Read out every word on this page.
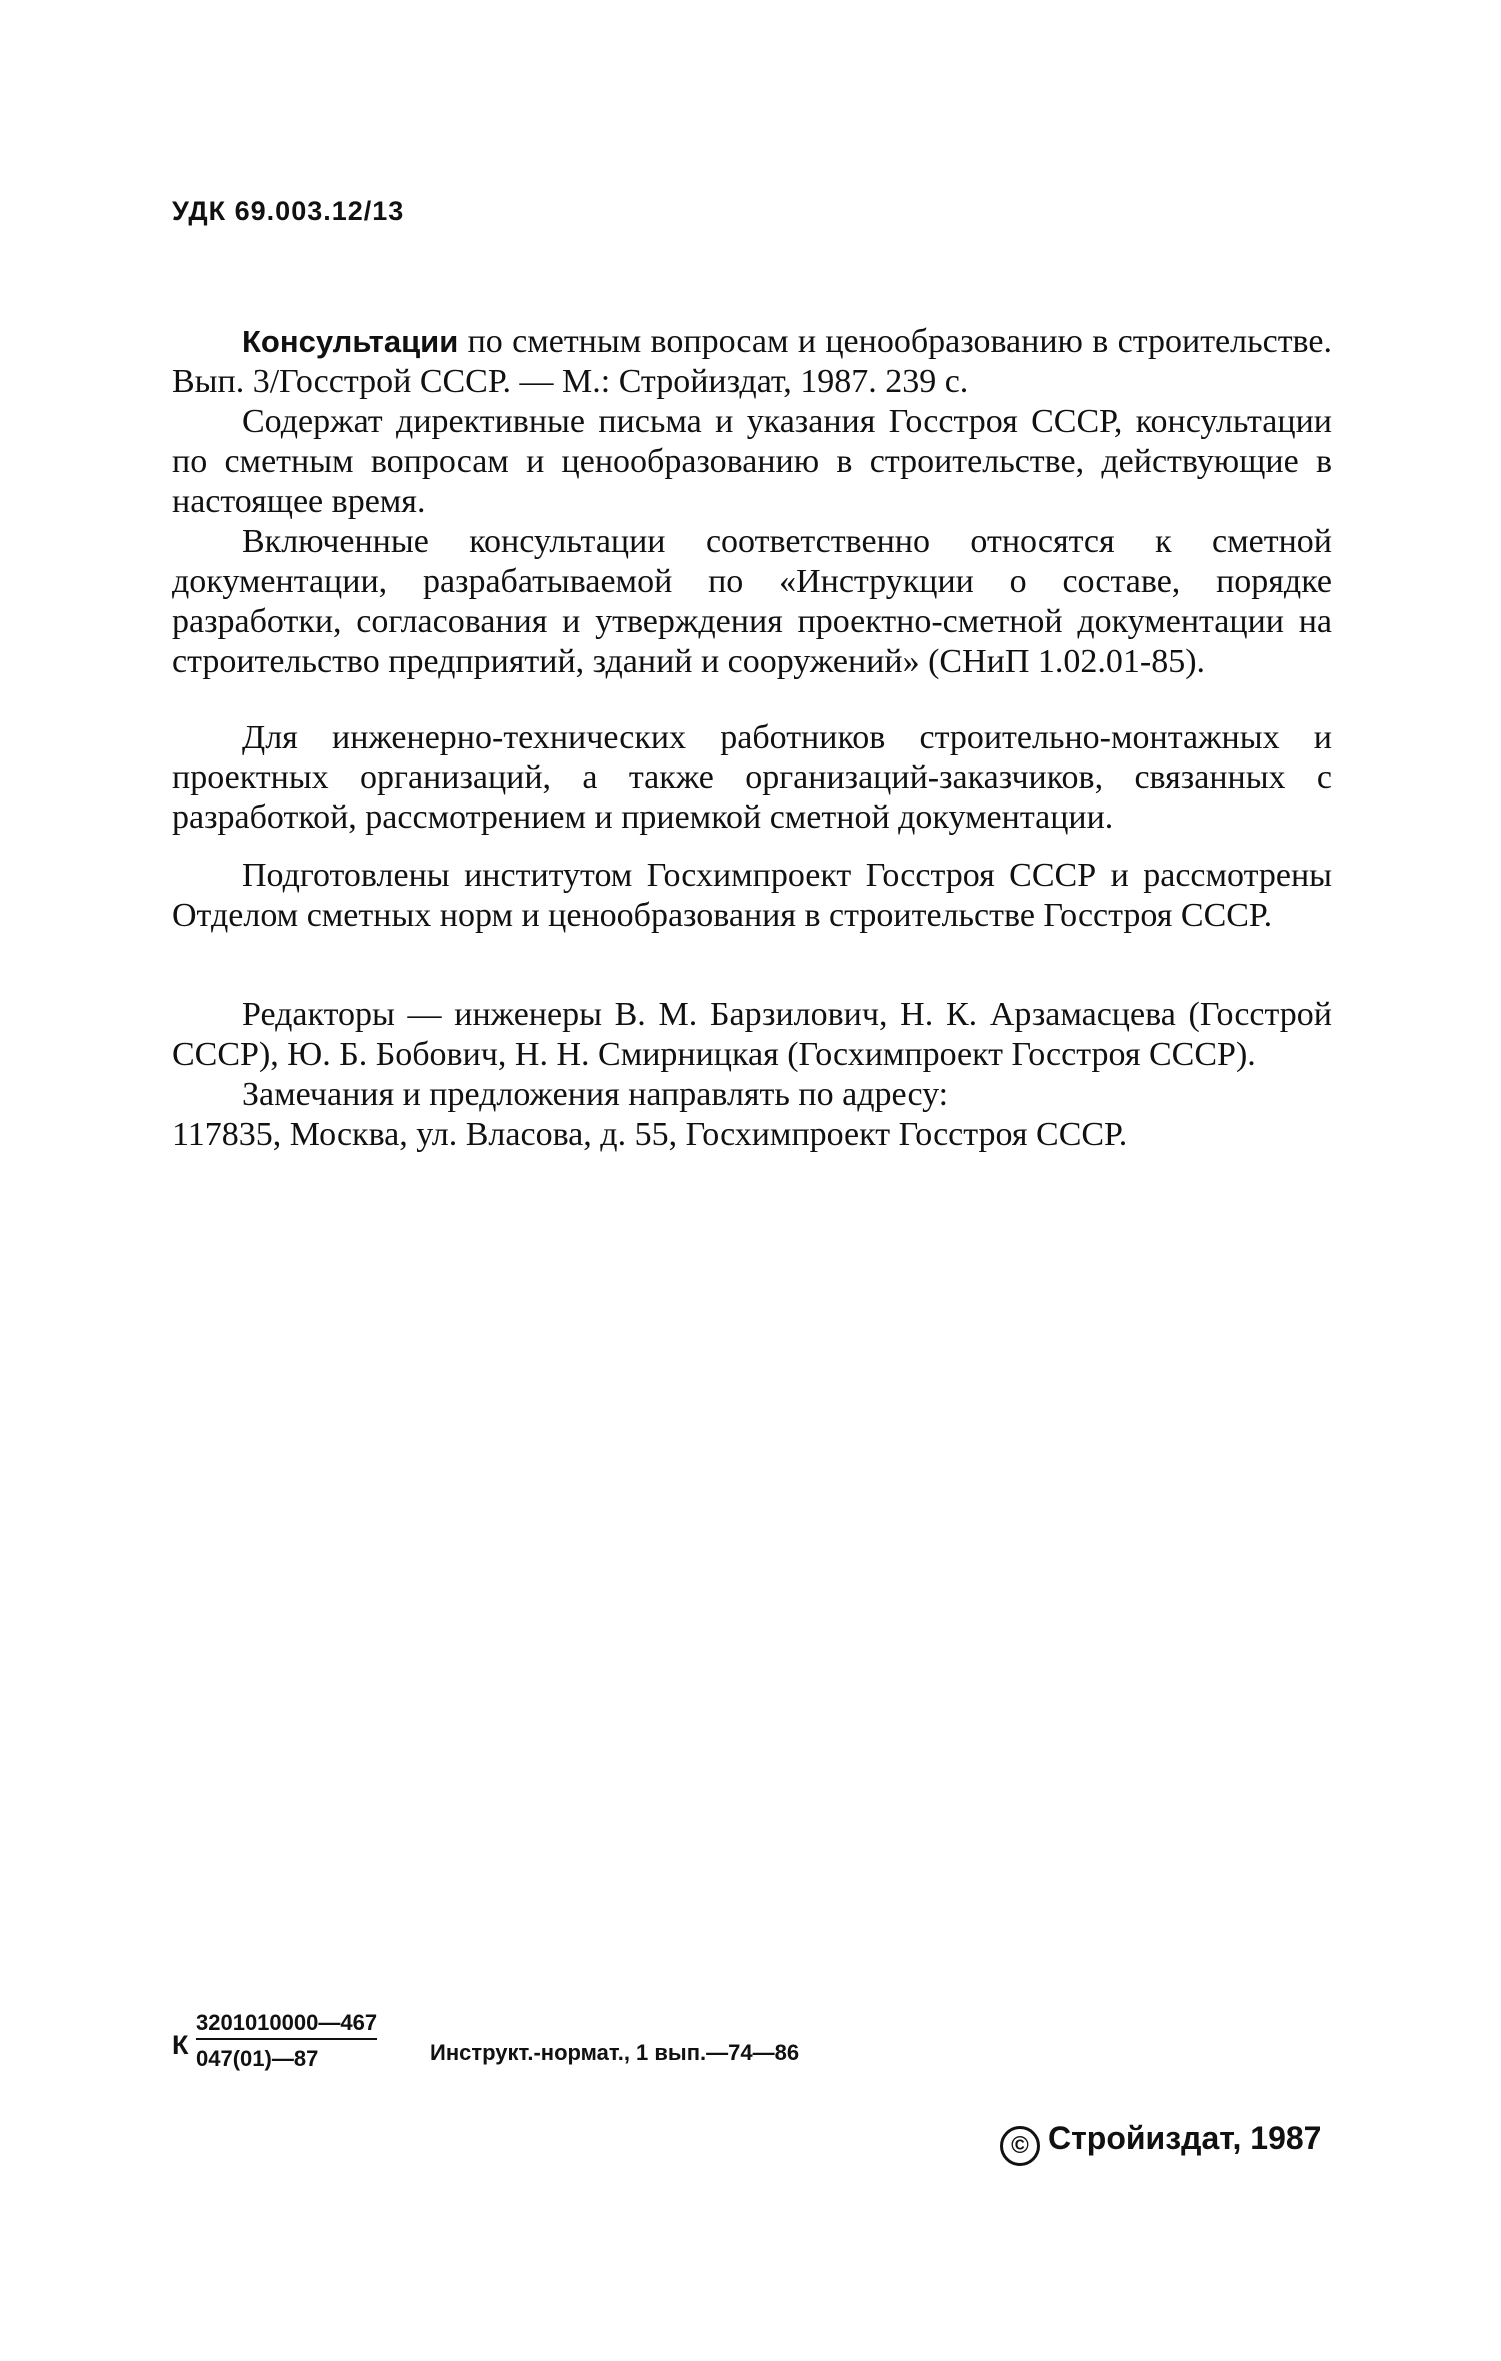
УДК 69.003.12/13

Консультации по сметным вопросам и ценообразованию в строительстве. Вып. 3/Госстрой СССР. — М.: Стройиздат, 1987. 239 с.

Содержат директивные письма и указания Госстроя СССР, консультации по сметным вопросам и ценообразованию в строительстве, действующие в настоящее время.

Включенные консультации соответственно относятся к сметной документации, разрабатываемой по «Инструкции о составе, порядке разработки, согласования и утверждения проектно-сметной документации на строительство предприятий, зданий и сооружений» (СНиП 1.02.01-85).

Для инженерно-технических работников строительно-монтажных и проектных организаций, а также организаций-заказчиков, связанных с разработкой, рассмотрением и приемкой сметной документации.

Подготовлены институтом Госхимпроект Госстроя СССР и рассмотрены Отделом сметных норм и ценообразования в строительстве Госстроя СССР.

Редакторы — инженеры В. М. Барзилович, Н. К. Арзамасцева (Госстрой СССР), Ю. Б. Бобович, Н. Н. Смирницкая (Госхимпроект Госстроя СССР).

Замечания и предложения направлять по адресу:

117835, Москва, ул. Власова, д. 55, Госхимпроект Госстроя СССР.

К $\frac{3201010000—467}{047(01)—87}$ Инструкт.-нормат., 1 вып.—74—86
© Стройиздат, 1987
